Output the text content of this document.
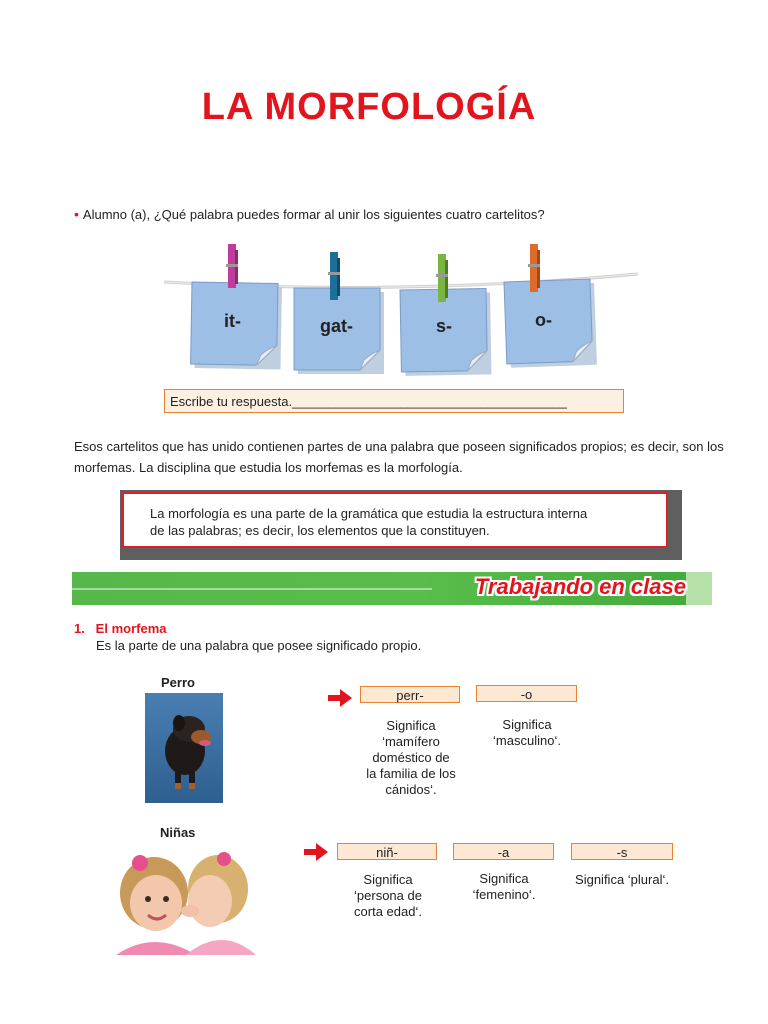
LA MORFOLOGÍA
• Alumno (a), ¿Qué palabra puedes formar al unir los siguientes cuatro cartelitos?
it-	gat-	s-	o-
Escribe tu respuesta.______________________________________
Esos cartelitos que has unido contienen partes de una palabra que poseen significados propios; es decir, son los morfemas. La disciplina que estudia los morfemas es la morfología.
La morfología es una parte de la gramática que estudia la estructura interna
de las palabras; es decir, los elementos que la constituyen.
Trabajando en clase
1.   El morfema
Es la parte de una palabra que posee significado propio.
Perro
perr-	-o
Significa
‘mamífero
doméstico de
la familia de los
cánidos‘.
Significa
‘masculino‘.
Niñas
niñ-	-a	-s
Significa
‘persona de
corta edad‘.
Significa
‘femenino‘.
Significa ‘plural‘.
